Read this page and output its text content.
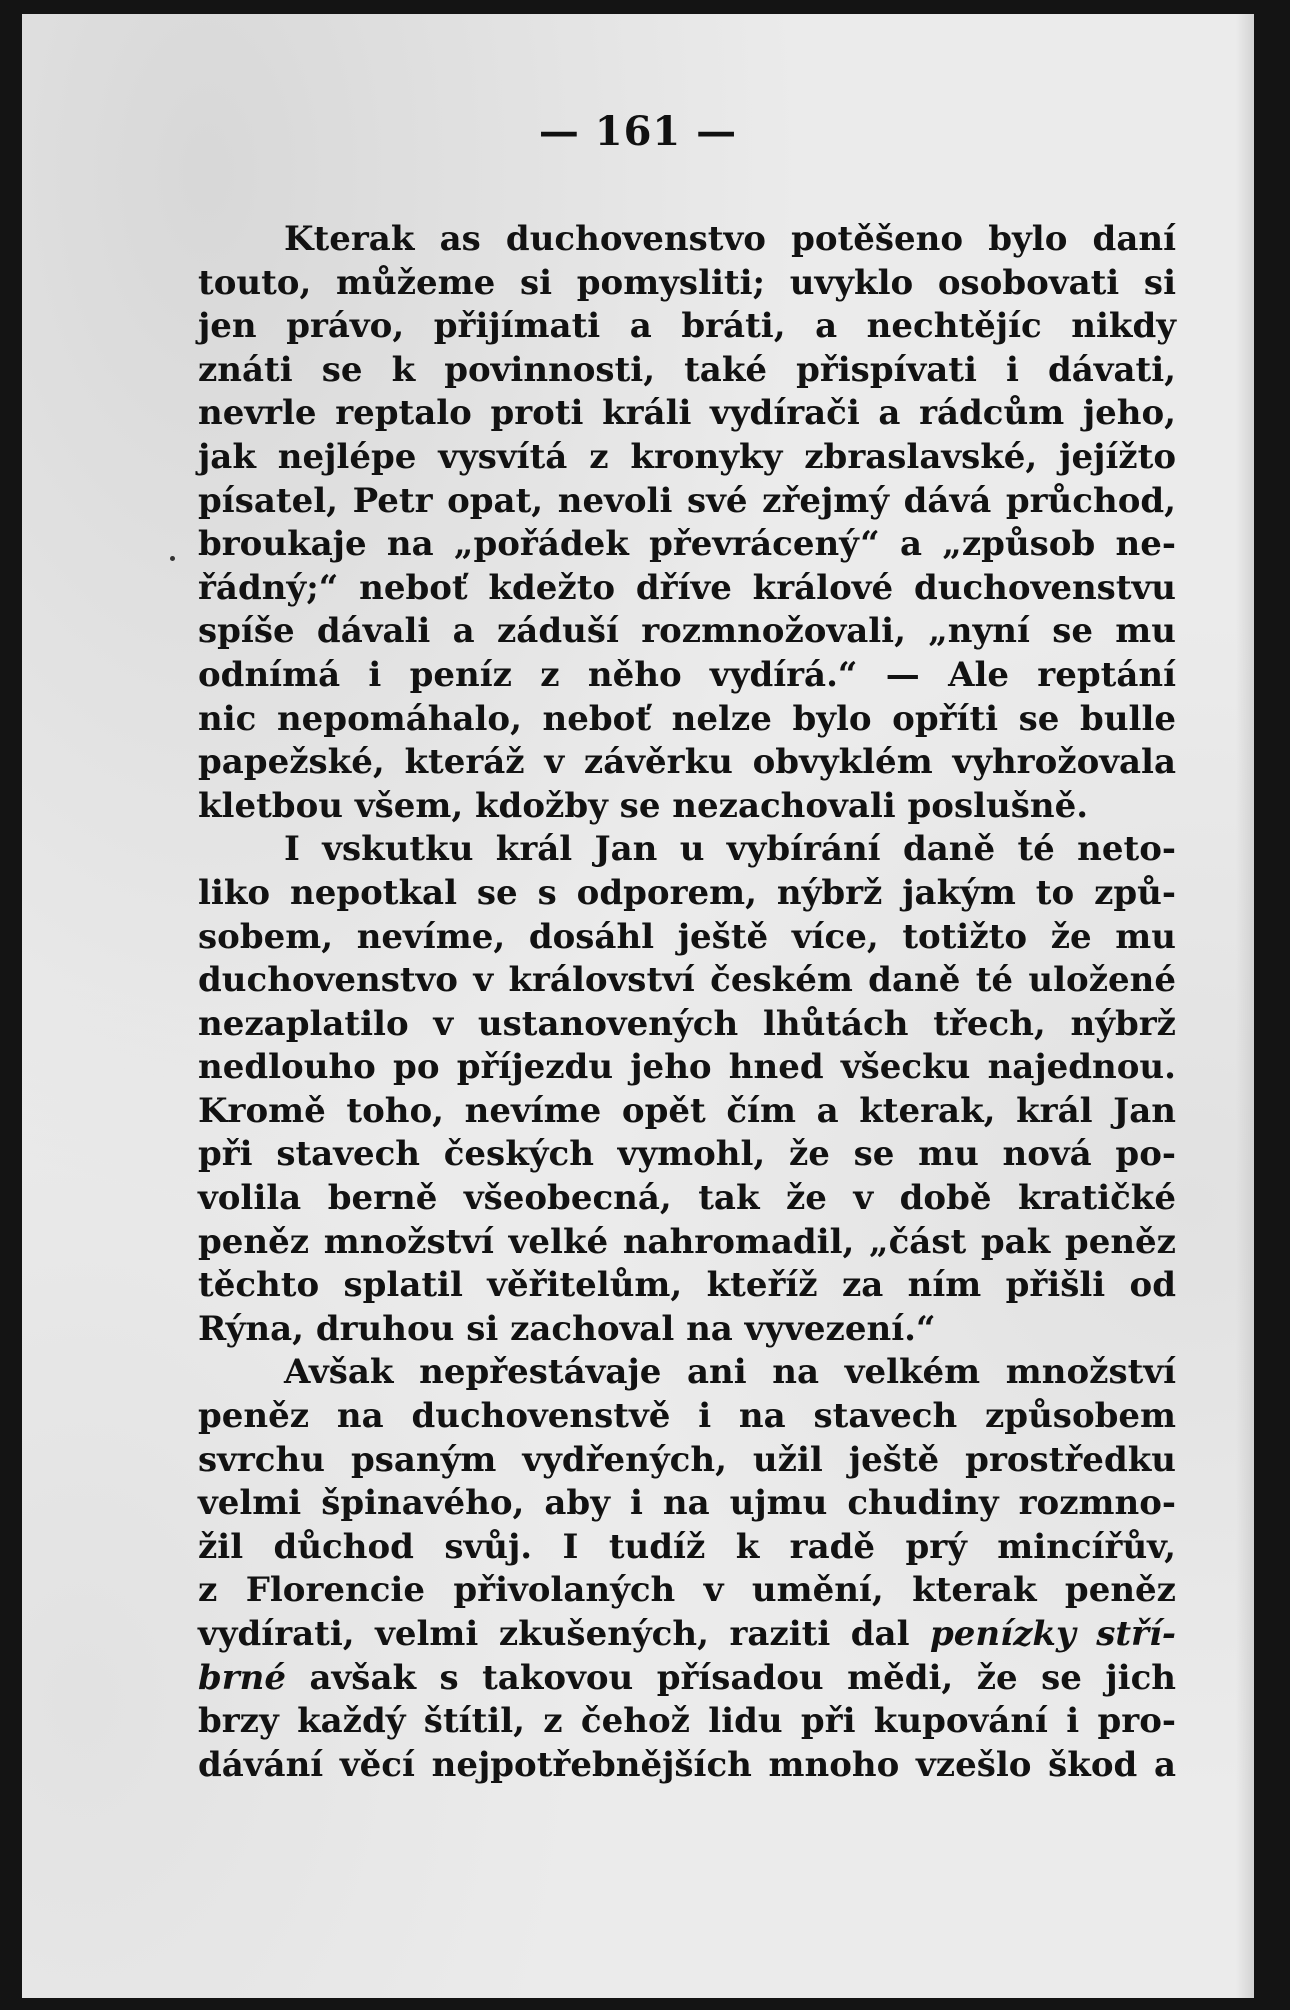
— 161 —
Kterak as duchovenstvo potěšeno bylo daní
touto, můžeme si pomysliti; uvyklo osobovati si
jen právo, přijímati a bráti, a nechtějíc nikdy
znáti se k povinnosti, také přispívati i dávati,
nevrle reptalo proti králi vydírači a rádcům jeho,
jak nejlépe vysvítá z kronyky zbraslavské, jejížto
písatel, Petr opat, nevoli své zřejmý dává průchod,
broukaje na „pořádek převrácený“ a „způsob ne-
řádný;“ neboť kdežto dříve králové duchovenstvu
spíše dávali a záduší rozmnožovali, „nyní se mu
odnímá i peníz z něho vydírá.“ — Ale reptání
nic nepomáhalo, neboť nelze bylo opříti se bulle
papežské, kteráž v závěrku obvyklém vyhrožovala
kletbou všem, kdožby se nezachovali poslušně.
I vskutku král Jan u vybírání daně té neto-
liko nepotkal se s odporem, nýbrž jakým to způ-
sobem, nevíme, dosáhl ještě více, totižto že mu
duchovenstvo v království českém daně té uložené
nezaplatilo v ustanovených lhůtách třech, nýbrž
nedlouho po příjezdu jeho hned všecku najednou.
Kromě toho, nevíme opět čím a kterak, král Jan
při stavech českých vymohl, že se mu nová po-
volila berně všeobecná, tak že v době kratičké
peněz množství velké nahromadil, „část pak peněz
těchto splatil věřitelům, kteříž za ním přišli od
Rýna, druhou si zachoval na vyvezení.“
Avšak nepřestávaje ani na velkém množství
peněz na duchovenstvě i na stavech způsobem
svrchu psaným vydřených, užil ještě prostředku
velmi špinavého, aby i na ujmu chudiny rozmno-
žil důchod svůj. I tudíž k radě prý mincířův,
z Florencie přivolaných v umění, kterak peněz
vydírati, velmi zkušených, raziti dal penízky stří-
brné avšak s takovou přísadou mědi, že se jich
brzy každý štítil, z čehož lidu při kupování i pro-
dávání věcí nejpotřebnějších mnoho vzešlo škod a
